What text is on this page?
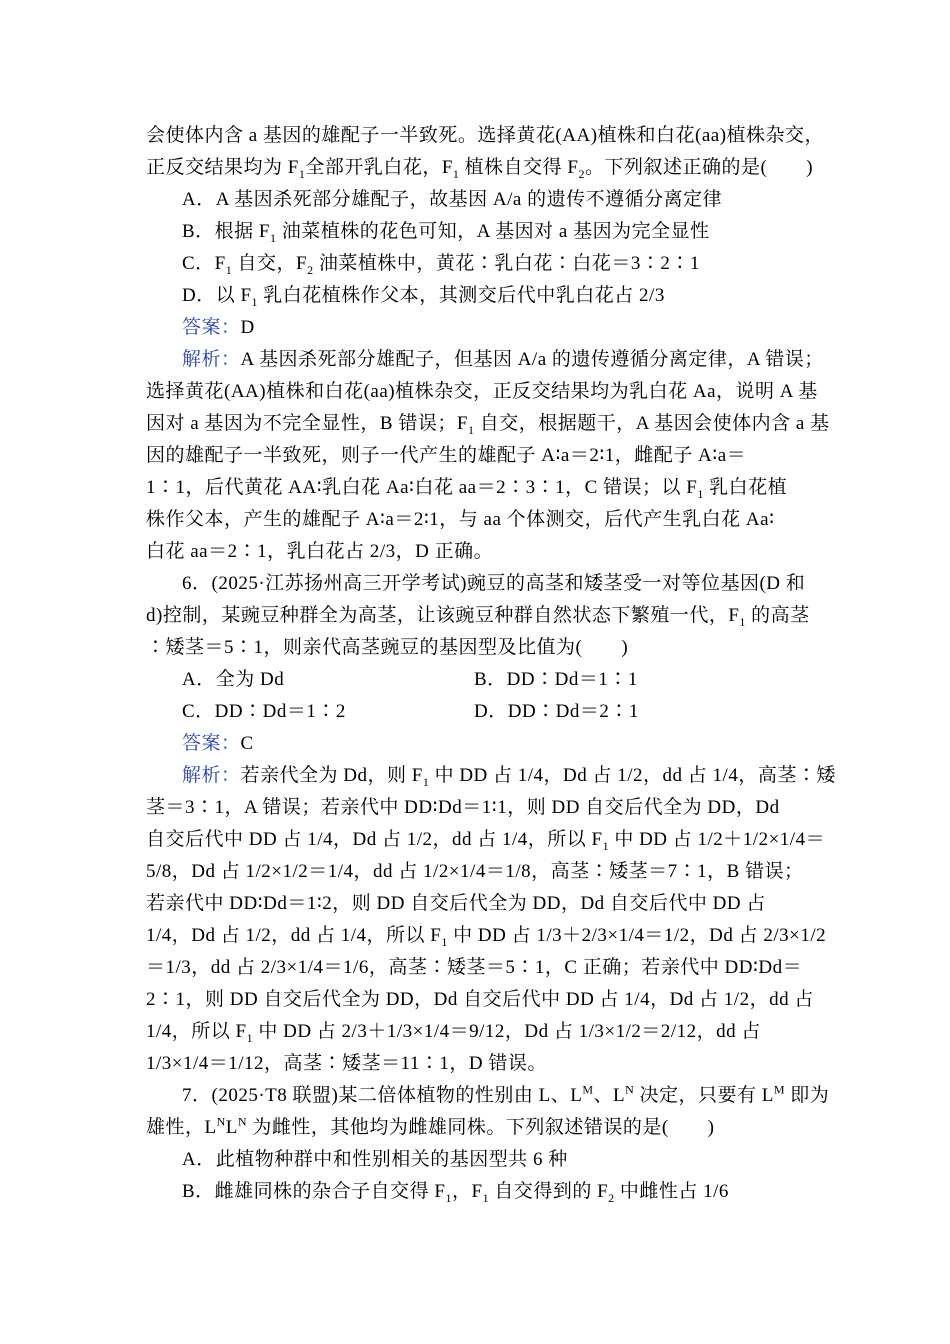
会使体内含 a 基因的雄配子一半致死。选择黄花(AA)植株和白花(aa)植株杂交，
正反交结果均为 $F_1$全部开乳白花，$F_1$ 植株自交得 $F_2$。下列叙述正确的是(　　)
A．A 基因杀死部分雄配子，故基因 A/a 的遗传不遵循分离定律
B．根据 $F_1$ 油菜植株的花色可知，A 基因对 a 基因为完全显性
C．$F_1$ 自交，$F_2$ 油菜植株中，黄花∶乳白花∶白花＝3∶2∶1
D．以 $F_1$ 乳白花植株作父本，其测交后代中乳白花占 2/3
答案：D
解析：A 基因杀死部分雄配子，但基因 A/a 的遗传遵循分离定律，A 错误；
选择黄花(AA)植株和白花(aa)植株杂交，正反交结果均为乳白花 Aa，说明 A 基
因对 a 基因为不完全显性，B 错误；$F_1$ 自交，根据题干，A 基因会使体内含 a 基
因的雄配子一半致死，则子一代产生的雄配子 A∶a＝2∶1，雌配子 A∶a＝
1∶1，后代黄花 AA∶乳白花 Aa∶白花 aa＝2∶3∶1，C 错误；以 $F_1$ 乳白花植
株作父本，产生的雄配子 A∶a＝2∶1，与 aa 个体测交，后代产生乳白花 Aa∶
白花 aa＝2∶1，乳白花占 2/3，D 正确。
6．(2025·江苏扬州高三开学考试)豌豆的高茎和矮茎受一对等位基因(D 和
d)控制，某豌豆种群全为高茎，让该豌豆种群自然状态下繁殖一代，$F_1$ 的高茎
∶矮茎＝5∶1，则亲代高茎豌豆的基因型及比值为(　　)
A．全为 Dd	B．DD∶Dd＝1∶1
C．DD∶Dd＝1∶2	D．DD∶Dd＝2∶1
答案：C
解析：若亲代全为 Dd，则 $F_1$ 中 DD 占 1/4，Dd 占 1/2，dd 占 1/4，高茎∶矮
茎＝3∶1，A 错误；若亲代中 DD∶Dd＝1∶1，则 DD 自交后代全为 DD，Dd
自交后代中 DD 占 1/4，Dd 占 1/2，dd 占 1/4，所以 $F_1$ 中 DD 占 1/2＋1/2×1/4＝
5/8，Dd 占 1/2×1/2＝1/4，dd 占 1/2×1/4＝1/8，高茎∶矮茎＝7∶1，B 错误；
若亲代中 DD∶Dd＝1∶2，则 DD 自交后代全为 DD，Dd 自交后代中 DD 占
1/4，Dd 占 1/2，dd 占 1/4，所以 $F_1$ 中 DD 占 1/3＋2/3×1/4＝1/2，Dd 占 2/3×1/2
＝1/3，dd 占 2/3×1/4＝1/6，高茎∶矮茎＝5∶1，C 正确；若亲代中 DD∶Dd＝
2∶1，则 DD 自交后代全为 DD，Dd 自交后代中 DD 占 1/4，Dd 占 1/2，dd 占
1/4，所以 $F_1$ 中 DD 占 2/3＋1/3×1/4＝9/12，Dd 占 1/3×1/2＝2/12，dd 占
1/3×1/4＝1/12，高茎∶矮茎＝11∶1，D 错误。
7．(2025·T8 联盟)某二倍体植物的性别由 L、$L^M$、$L^N$ 决定，只要有 $L^M$ 即为
雄性，$L^NL^N$ 为雌性，其他均为雌雄同株。下列叙述错误的是(　　)
A．此植物种群中和性别相关的基因型共 6 种
B．雌雄同株的杂合子自交得 $F_1$，$F_1$ 自交得到的 $F_2$ 中雌性占 1/6
